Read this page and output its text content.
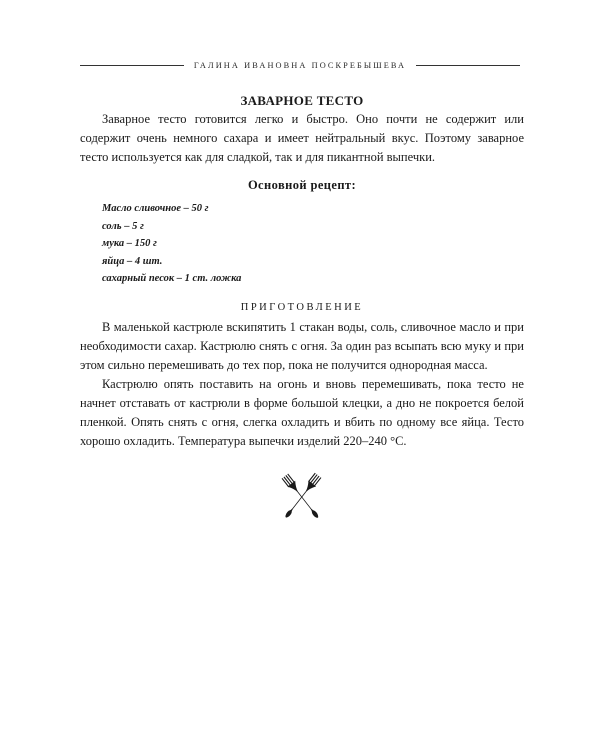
ГАЛИНА ИВАНОВНА ПОСКРЕБЫШЕВА
ЗАВАРНОЕ ТЕСТО

Заварное тесто готовится легко и быстро. Оно почти не содержит или содержит очень немного сахара и имеет нейтральный вкус. Поэтому заварное тесто используется как для сладкой, так и для пикантной выпечки.

Основной рецепт:
Масло сливочное – 50 г
соль – 5 г
мука – 150 г
яйца – 4 шт.
сахарный песок – 1 ст. ложка
ПРИГОТОВЛЕНИЕ

В маленькой кастрюле вскипятить 1 стакан воды, соль, сливочное масло и при необходимости сахар. Кастрюлю снять с огня. За один раз всыпать всю муку и при этом сильно перемешивать до тех пор, пока не получится однородная масса.

Кастрюлю опять поставить на огонь и вновь перемешивать, пока тесто не начнет отставать от кастрюли в форме большой клецки, а дно не покроется белой пленкой. Опять снять с огня, слегка охладить и вбить по одному все яйца. Тесто хорошо охладить. Температура выпечки изделий 220–240 °С.
